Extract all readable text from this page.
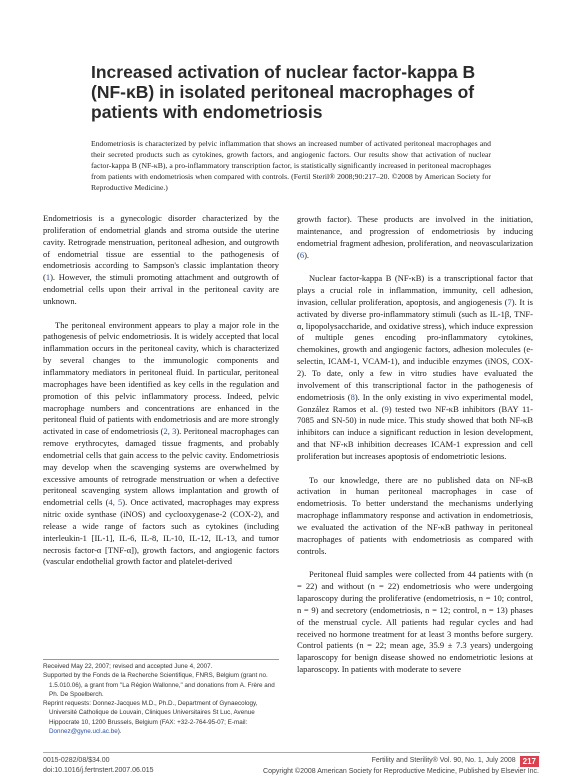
Increased activation of nuclear factor-kappa B (NF-κB) in isolated peritoneal macrophages of patients with endometriosis

Endometriosis is characterized by pelvic inflammation that shows an increased number of activated peritoneal macrophages and their secreted products such as cytokines, growth factors, and angiogenic factors. Our results show that activation of nuclear factor-kappa B (NF-κB), a pro-inflammatory transcription factor, is statistically significantly increased in peritoneal macrophages from patients with endometriosis when compared with controls. (Fertil Steril® 2008;90:217–20. ©2008 by American Society for Reproductive Medicine.)

Endometriosis is a gynecologic disorder characterized by the proliferation of endometrial glands and stroma outside the uterine cavity. Retrograde menstruation, peritoneal adhesion, and outgrowth of endometrial tissue are essential to the pathogenesis of endometriosis according to Sampson's classic implantation theory (1). However, the stimuli promoting attachment and outgrowth of endometrial cells upon their arrival in the peritoneal cavity are unknown.

The peritoneal environment appears to play a major role in the pathogenesis of pelvic endometriosis. It is widely accepted that local inflammation occurs in the peritoneal cavity, which is characterized by several changes to the immunologic components and inflammatory mediators in peritoneal fluid. In particular, peritoneal macrophages have been identified as key cells in the regulation and promotion of this pelvic inflammatory process. Indeed, pelvic macrophage numbers and concentrations are enhanced in the peritoneal fluid of patients with endometriosis and are more strongly activated in case of endometriosis (2, 3). Peritoneal macrophages can remove erythrocytes, damaged tissue fragments, and probably endometrial cells that gain access to the pelvic cavity. Endometriosis may develop when the scavenging systems are overwhelmed by excessive amounts of retrograde menstruation or when a defective peritoneal scavenging system allows implantation and growth of endometrial cells (4, 5). Once activated, macrophages may express nitric oxide synthase (iNOS) and cyclooxygenase-2 (COX-2), and release a wide range of factors such as cytokines (including interleukin-1 [IL-1], IL-6, IL-8, IL-10, IL-12, IL-13, and tumor necrosis factor-α [TNF-α]), growth factors, and angiogenic factors (vascular endothelial growth factor and platelet-derived

growth factor). These products are involved in the initiation, maintenance, and progression of endometriosis by inducing endometrial fragment adhesion, proliferation, and neovascularization (6).

Nuclear factor-kappa B (NF-κB) is a transcriptional factor that plays a crucial role in inflammation, immunity, cell adhesion, invasion, cellular proliferation, apoptosis, and angiogenesis (7). It is activated by diverse pro-inflammatory stimuli (such as IL-1β, TNF-α, lipopolysaccharide, and oxidative stress), which induce expression of multiple genes encoding pro-inflammatory cytokines, chemokines, growth and angiogenic factors, adhesion molecules (e-selectin, ICAM-1, VCAM-1), and inducible enzymes (iNOS, COX-2). To date, only a few in vitro studies have evaluated the involvement of this transcriptional factor in the pathogenesis of endometriosis (8). In the only existing in vivo experimental model, González Ramos et al. (9) tested two NF-κB inhibitors (BAY 11-7085 and SN-50) in nude mice. This study showed that both NF-κB inhibitors can induce a significant reduction in lesion development, and that NF-κB inhibition decreases ICAM-1 expression and cell proliferation but increases apoptosis of endometriotic lesions.

To our knowledge, there are no published data on NF-κB activation in human peritoneal macrophages in case of endometriosis. To better understand the mechanisms underlying macrophage inflammatory response and activation in endometriosis, we evaluated the activation of the NF-κB pathway in peritoneal macrophages of patients with endometriosis as compared with controls.

Peritoneal fluid samples were collected from 44 patients with (n = 22) and without (n = 22) endometriosis who were undergoing laparoscopy during the proliferative (endometriosis, n = 10; control, n = 9) and secretory (endometriosis, n = 12; control, n = 13) phases of the menstrual cycle. All patients had regular cycles and had received no hormone treatment for at least 3 months before surgery. Control patients (n = 22; mean age, 35.9 ± 7.3 years) undergoing laparoscopy for benign disease showed no endometriotic lesions at laparoscopy. In patients with moderate to severe

Received May 22, 2007; revised and accepted June 4, 2007.

Supported by the Fonds de la Recherche Scientifique, FNRS, Belgium (grant no. 1.5.010.06), a grant from "La Région Wallonne," and donations from A. Frère and Ph. De Spoelberch.

Reprint requests: Donnez-Jacques M.D., Ph.D., Department of Gynaecology, Université Catholique de Louvain, Cliniques Universitaires St Luc, Avenue Hippocrate 10, 1200 Brussels, Belgium (FAX: +32-2-764-95-07; E-mail: Donnez@gyne.ucl.ac.be).

0015-0282/08/$34.00
doi:10.1016/j.fertnstert.2007.06.015
Fertility and Sterility® Vol. 90, No. 1, July 2008 217
Copyright ©2008 American Society for Reproductive Medicine, Published by Elsevier Inc.
